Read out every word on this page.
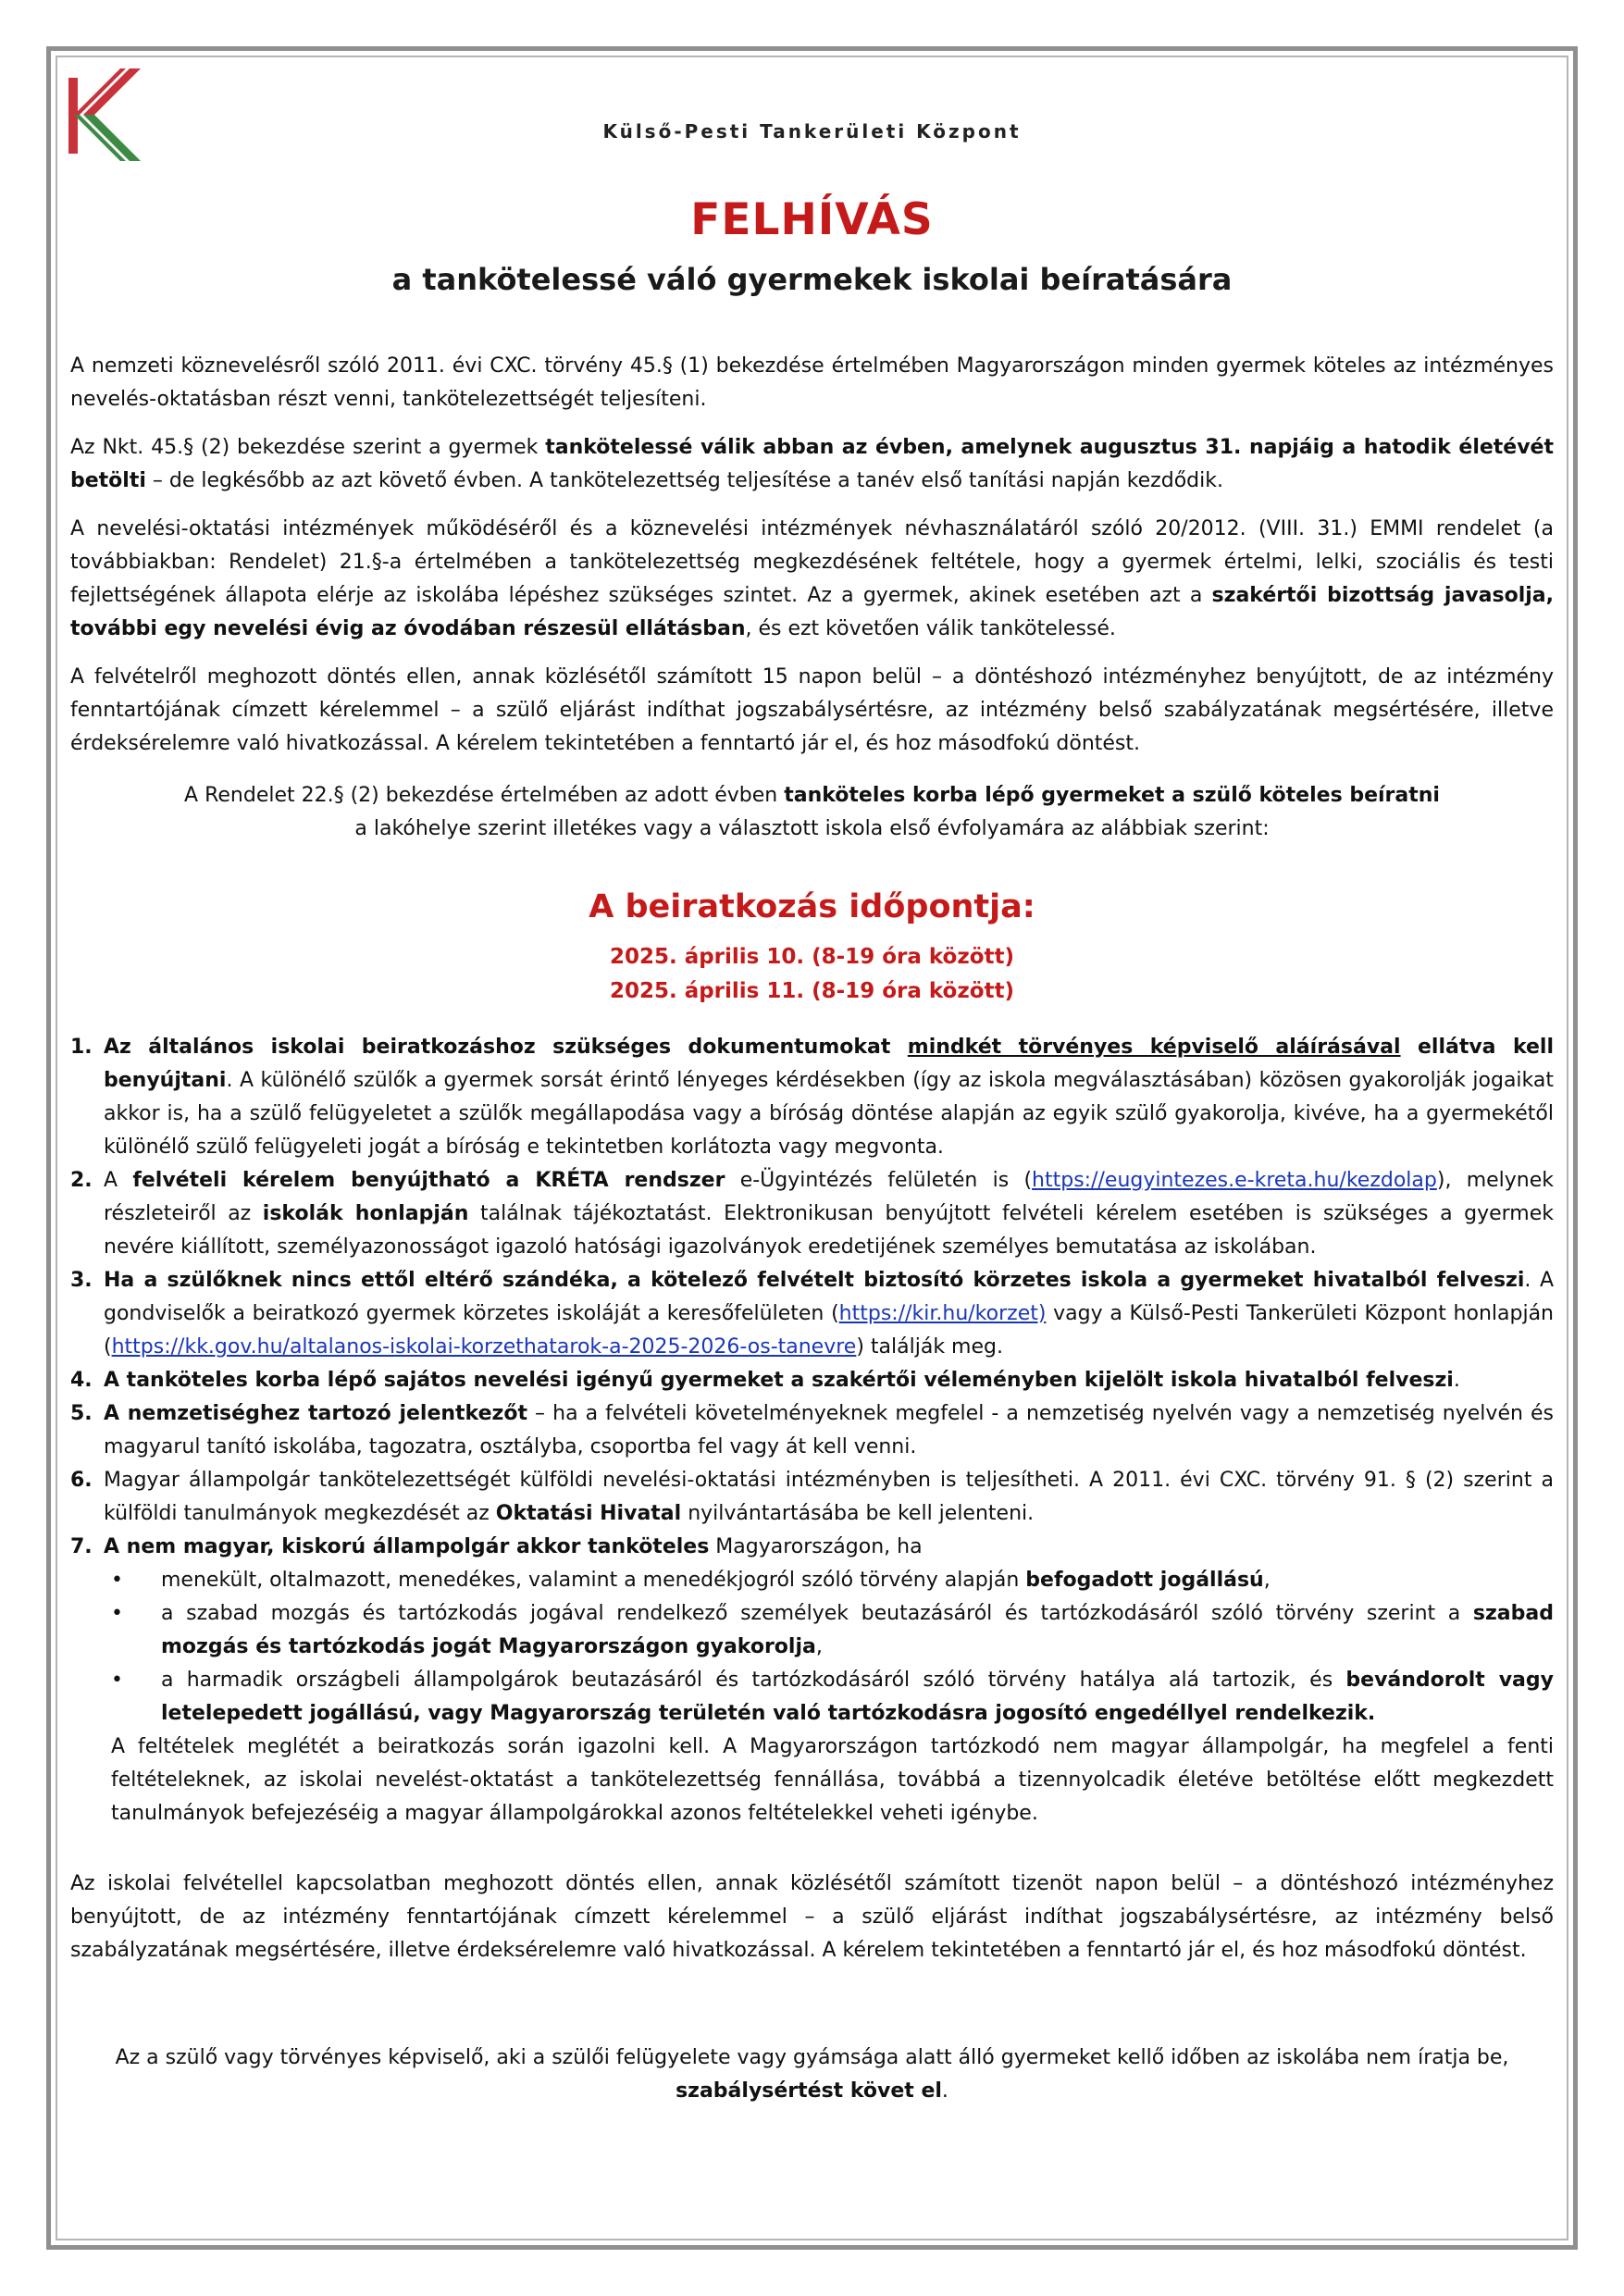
Külső-Pesti Tankerületi Központ
FELHÍVÁS
a tankötelessé váló gyermekek iskolai beíratására

A nemzeti köznevelésről szóló 2011. évi CXC. törvény 45.§ (1) bekezdése értelmében Magyarországon minden gyermek köteles az intézményes nevelés-oktatásban részt venni, tankötelezettségét teljesíteni.

Az Nkt. 45.§ (2) bekezdése szerint a gyermek tankötelessé válik abban az évben, amelynek augusztus 31. napjáig a hatodik életévét betölti – de legkésőbb az azt követő évben. A tankötelezettség teljesítése a tanév első tanítási napján kezdődik.

A nevelési-oktatási intézmények működéséről és a köznevelési intézmények névhasználatáról szóló 20/2012. (VIII. 31.) EMMI rendelet (a továbbiakban: Rendelet) 21.§-a értelmében a tankötelezettség megkezdésének feltétele, hogy a gyermek értelmi, lelki, szociális és testi fejlettségének állapota elérje az iskolába lépéshez szükséges szintet. Az a gyermek, akinek esetében azt a szakértői bizottság javasolja, további egy nevelési évig az óvodában részesül ellátásban, és ezt követően válik tankötelessé.

A felvételről meghozott döntés ellen, annak közlésétől számított 15 napon belül – a döntéshozó intézményhez benyújtott, de az intézmény fenntartójának címzett kérelemmel – a szülő eljárást indíthat jogszabálysértésre, az intézmény belső szabályzatának megsértésére, illetve érdeksérelemre való hivatkozással. A kérelem tekintetében a fenntartó jár el, és hoz másodfokú döntést.

A Rendelet 22.§ (2) bekezdése értelmében az adott évben tanköteles korba lépő gyermeket a szülő köteles beíratni
a lakóhelye szerint illetékes vagy a választott iskola első évfolyamára az alábbiak szerint:

A beiratkozás időpontja:
2025. április 10. (8-19 óra között)
2025. április 11. (8-19 óra között)
1. Az általános iskolai beiratkozáshoz szükséges dokumentumokat mindkét törvényes képviselő aláírásával ellátva kell benyújtani. A különélő szülők a gyermek sorsát érintő lényeges kérdésekben (így az iskola megválasztásában) közösen gyakorolják jogaikat akkor is, ha a szülő felügyeletet a szülők megállapodása vagy a bíróság döntése alapján az egyik szülő gyakorolja, kivéve, ha a gyermekétől különélő szülő felügyeleti jogát a bíróság e tekintetben korlátozta vagy megvonta.
2. A felvételi kérelem benyújtható a KRÉTA rendszer e-Ügyintézés felületén is (https://eugyintezes.e-kreta.hu/kezdolap), melynek részleteiről az iskolák honlapján találnak tájékoztatást. Elektronikusan benyújtott felvételi kérelem esetében is szükséges a gyermek nevére kiállított, személyazonosságot igazoló hatósági igazolványok eredetijének személyes bemutatása az iskolában.
3. Ha a szülőknek nincs ettől eltérő szándéka, a kötelező felvételt biztosító körzetes iskola a gyermeket hivatalból felveszi. A gondviselők a beiratkozó gyermek körzetes iskoláját a keresőfelületen (https://kir.hu/korzet) vagy a Külső-Pesti Tankerületi Központ honlapján (https://kk.gov.hu/altalanos-iskolai-korzethatarok-a-2025-2026-os-tanevre) találják meg.
4. A tanköteles korba lépő sajátos nevelési igényű gyermeket a szakértői véleményben kijelölt iskola hivatalból felveszi.
5. A nemzetiséghez tartozó jelentkezőt – ha a felvételi követelményeknek megfelel - a nemzetiség nyelvén vagy a nemzetiség nyelvén és magyarul tanító iskolába, tagozatra, osztályba, csoportba fel vagy át kell venni.
6. Magyar állampolgár tankötelezettségét külföldi nevelési-oktatási intézményben is teljesítheti. A 2011. évi CXC. törvény 91. § (2) szerint a külföldi tanulmányok megkezdését az Oktatási Hivatal nyilvántartásába be kell jelenteni.
7. A nem magyar, kiskorú állampolgár akkor tanköteles Magyarországon, ha
• menekült, oltalmazott, menedékes, valamint a menedékjogról szóló törvény alapján befogadott jogállású,
• a szabad mozgás és tartózkodás jogával rendelkező személyek beutazásáról és tartózkodásáról szóló törvény szerint a szabad mozgás és tartózkodás jogát Magyarországon gyakorolja,
• a harmadik országbeli állampolgárok beutazásáról és tartózkodásáról szóló törvény hatálya alá tartozik, és bevándorolt vagy letelepedett jogállású, vagy Magyarország területén való tartózkodásra jogosító engedéllyel rendelkezik.

A feltételek meglétét a beiratkozás során igazolni kell. A Magyarországon tartózkodó nem magyar állampolgár, ha megfelel a fenti feltételeknek, az iskolai nevelést-oktatást a tankötelezettség fennállása, továbbá a tizennyolcadik életéve betöltése előtt megkezdett tanulmányok befejezéséig a magyar állampolgárokkal azonos feltételekkel veheti igénybe.

Az iskolai felvétellel kapcsolatban meghozott döntés ellen, annak közlésétől számított tizenöt napon belül – a döntéshozó intézményhez benyújtott, de az intézmény fenntartójának címzett kérelemmel – a szülő eljárást indíthat jogszabálysértésre, az intézmény belső szabályzatának megsértésére, illetve érdeksérelemre való hivatkozással. A kérelem tekintetében a fenntartó jár el, és hoz másodfokú döntést.

Az a szülő vagy törvényes képviselő, aki a szülői felügyelete vagy gyámsága alatt álló gyermeket kellő időben az iskolába nem íratja be,
szabálysértést követ el.
